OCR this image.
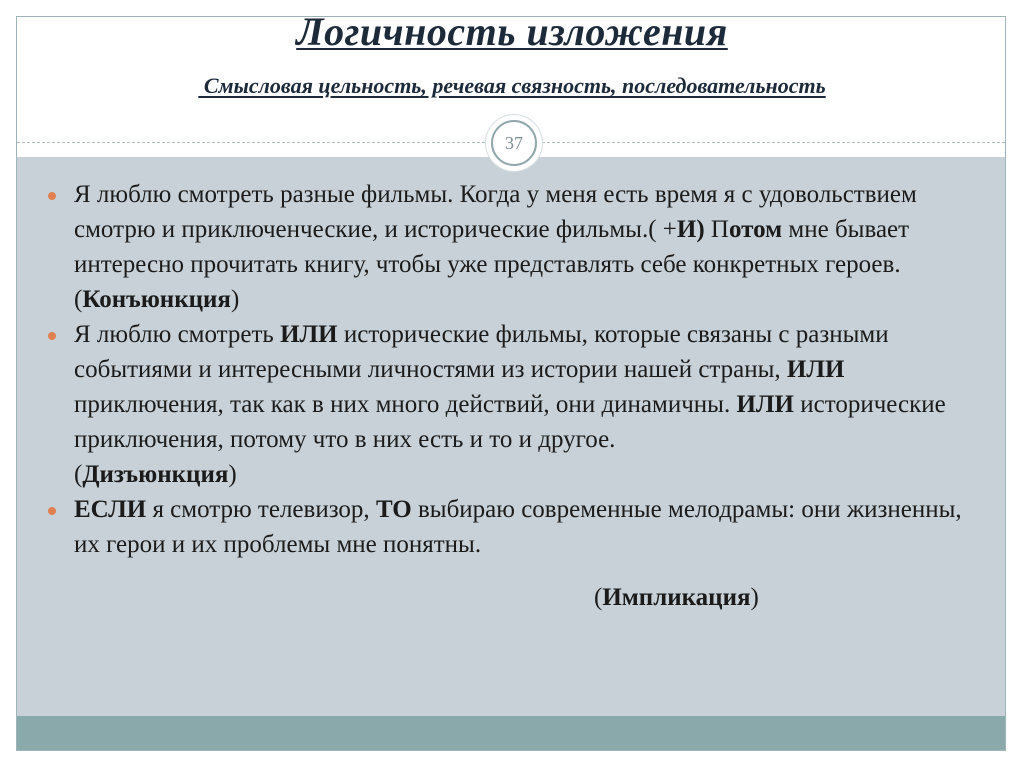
Логичность изложения

Смысловая цельность, речевая связность, последовательность

37
Я люблю смотреть разные фильмы. Когда у меня есть время я с удовольствием смотрю и приключенческие, и исторические фильмы.( +И) Потом мне бывает интересно прочитать книгу, чтобы уже представлять себе конкретных героев.(Конъюнкция)
Я люблю смотреть ИЛИ исторические фильмы, которые связаны с разными событиями и интересными личностями из истории нашей страны, ИЛИ приключения, так как в них много действий, они динамичны. ИЛИ исторические приключения, потому что в них есть и то и другое.(Дизъюнкция)
ЕСЛИ я смотрю телевизор, ТО выбираю современные мелодрамы: они жизненны, их герои и их проблемы мне понятны.
(Импликация)
